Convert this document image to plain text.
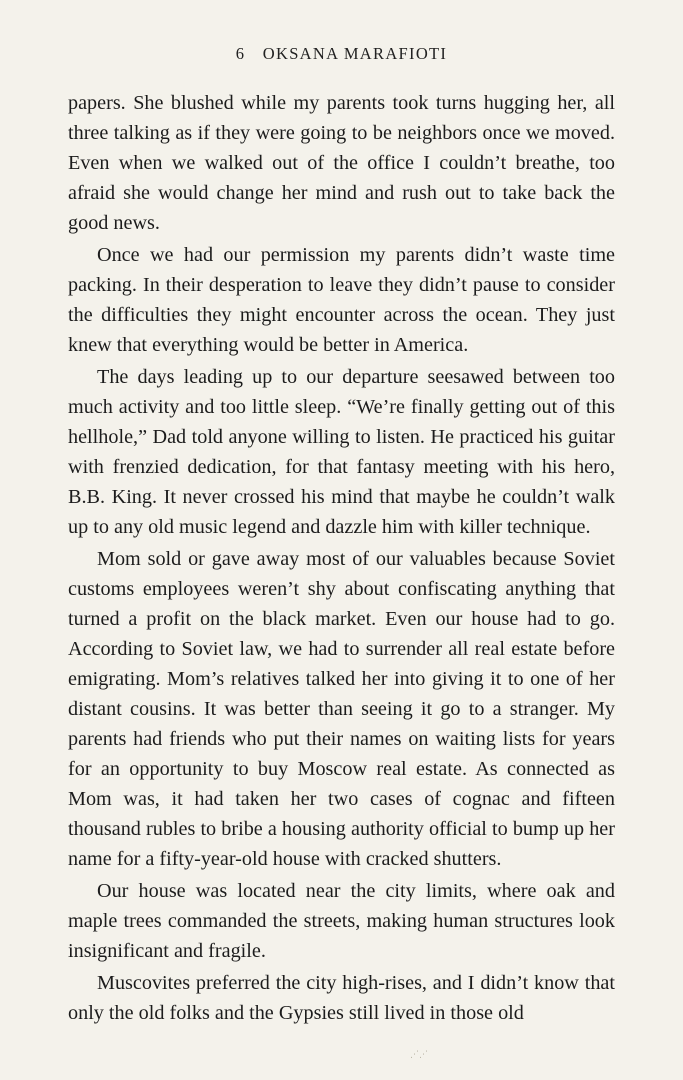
6 OKSANA MARAFIOTI

papers. She blushed while my parents took turns hugging her, all three talking as if they were going to be neighbors once we moved. Even when we walked out of the office I couldn’t breathe, too afraid she would change her mind and rush out to take back the good news.

Once we had our permission my parents didn’t waste time packing. In their desperation to leave they didn’t pause to consider the difficulties they might encounter across the ocean. They just knew that everything would be better in America.

The days leading up to our departure seesawed between too much activity and too little sleep. “We’re finally getting out of this hellhole,” Dad told anyone willing to listen. He practiced his guitar with frenzied dedication, for that fantasy meeting with his hero, B.B. King. It never crossed his mind that maybe he couldn’t walk up to any old music legend and dazzle him with killer technique.

Mom sold or gave away most of our valuables because Soviet customs employees weren’t shy about confiscating anything that turned a profit on the black market. Even our house had to go. According to Soviet law, we had to surrender all real estate before emigrating. Mom’s relatives talked her into giving it to one of her distant cousins. It was better than seeing it go to a stranger. My parents had friends who put their names on waiting lists for years for an opportunity to buy Moscow real estate. As connected as Mom was, it had taken her two cases of cognac and fifteen thousand rubles to bribe a housing authority official to bump up her name for a fifty-year-old house with cracked shutters.

Our house was located near the city limits, where oak and maple trees commanded the streets, making human structures look insignificant and fragile.

Muscovites preferred the city high-rises, and I didn’t know that only the old folks and the Gypsies still lived in those old

⋰⋰
